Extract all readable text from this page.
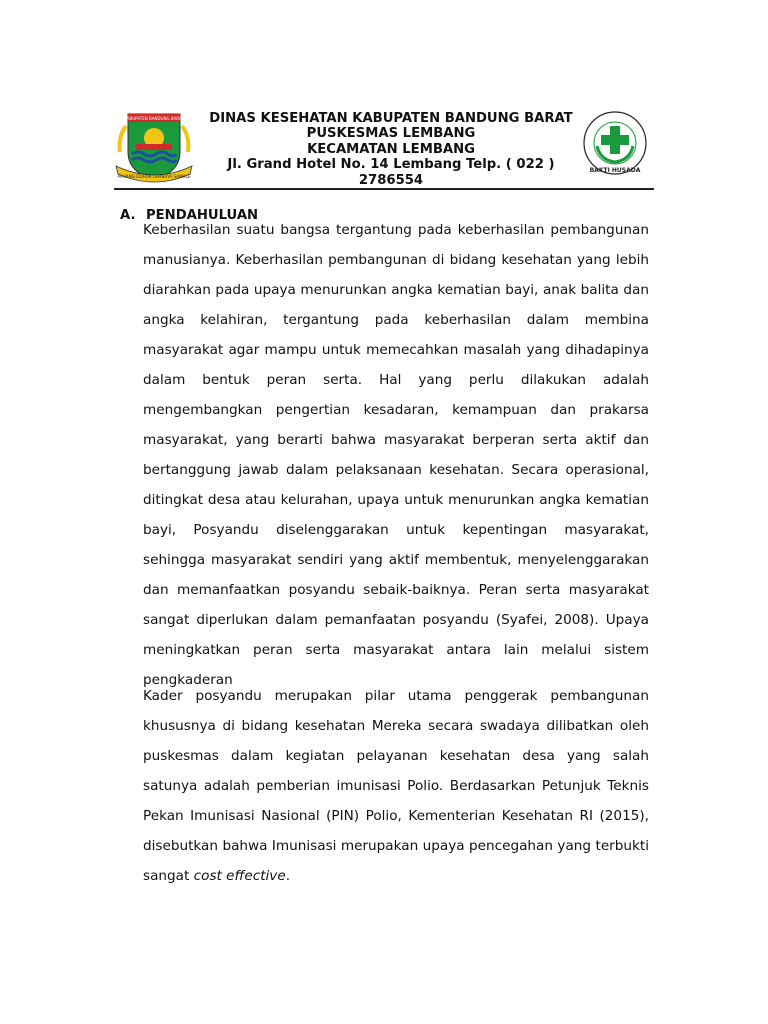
KABUPATEN BANDUNG BARAT
PAHANG DUHUR LEMBAYA SAMALE
DINAS KESEHATAN KABUPATEN BANDUNG BARAT
PUSKESMAS LEMBANG
KECAMATAN LEMBANG
Jl. Grand Hotel No. 14 Lembang Telp. ( 022 )
2786554
BAKTI HUSADA
A. PENDAHULUAN

Keberhasilan suatu bangsa tergantung pada keberhasilan pembangunan manusianya. Keberhasilan pembangunan di bidang kesehatan yang lebih diarahkan pada upaya menurunkan angka kematian bayi, anak balita dan angka kelahiran, tergantung pada keberhasilan dalam membina masyarakat agar mampu untuk memecahkan masalah yang dihadapinya dalam bentuk peran serta. Hal yang perlu dilakukan adalah mengembangkan pengertian kesadaran, kemampuan dan prakarsa masyarakat, yang berarti bahwa masyarakat berperan serta aktif dan bertanggung jawab dalam pelaksanaan kesehatan. Secara operasional, ditingkat desa atau kelurahan, upaya untuk menurunkan angka kematian bayi, Posyandu diselenggarakan untuk kepentingan masyarakat, sehingga masyarakat sendiri yang aktif membentuk, menyelenggarakan dan memanfaatkan posyandu sebaik-baiknya. Peran serta masyarakat sangat diperlukan dalam pemanfaatan posyandu (Syafei, 2008). Upaya meningkatkan peran serta masyarakat antara lain melalui sistem pengkaderan

Kader posyandu merupakan pilar utama penggerak pembangunan khususnya di bidang kesehatan Mereka secara swadaya dilibatkan oleh puskesmas dalam kegiatan pelayanan kesehatan desa yang salah satunya adalah pemberian imunisasi Polio. Berdasarkan Petunjuk Teknis Pekan Imunisasi Nasional (PIN) Polio, Kementerian Kesehatan RI (2015), disebutkan bahwa Imunisasi merupakan upaya pencegahan yang terbukti sangat cost effective.
